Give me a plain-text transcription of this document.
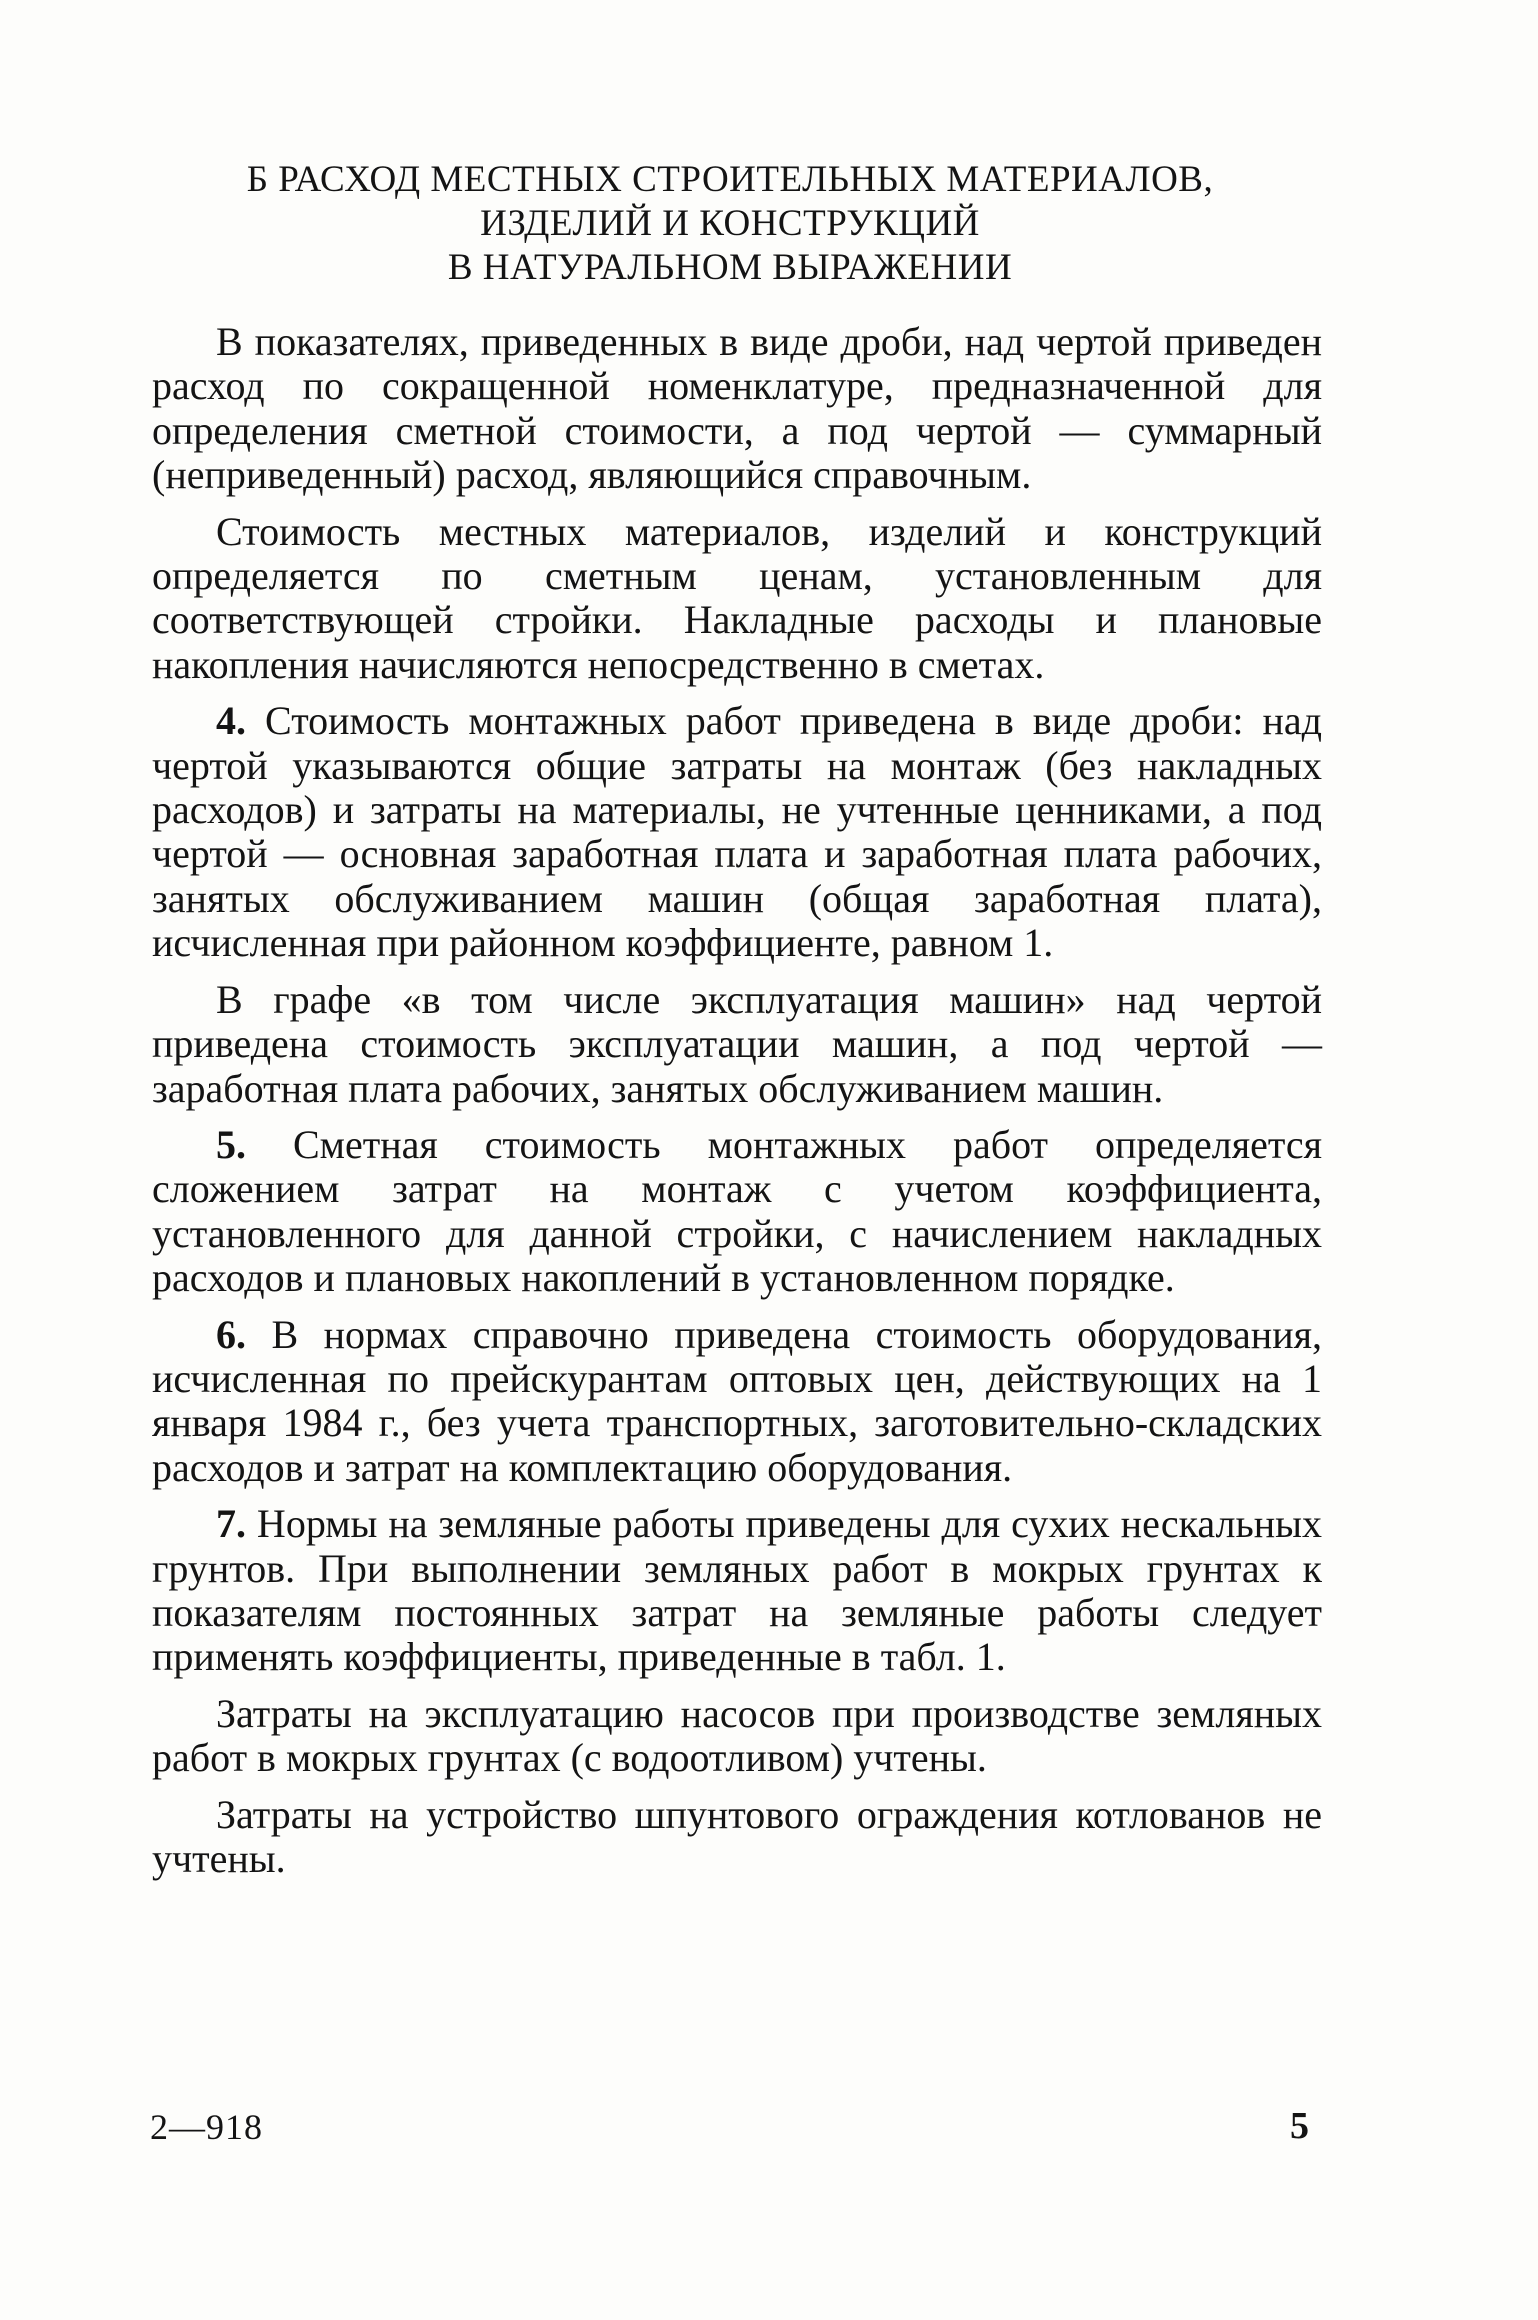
Б РАСХОД МЕСТНЫХ СТРОИТЕЛЬНЫХ МАТЕРИАЛОВ,
ИЗДЕЛИЙ И КОНСТРУКЦИЙ
В НАТУРАЛЬНОМ ВЫРАЖЕНИИ

В показателях, приведенных в виде дроби, над чертой приведен расход по сокращенной номенклатуре, предназначенной для определения сметной стоимости, а под чертой — суммарный (неприведенный) расход, являющийся справочным.

Стоимость местных материалов, изделий и конструкций определяется по сметным ценам, установленным для соответствующей стройки. Накладные расходы и плановые накопления начисляются непосредственно в сметах.

4. Стоимость монтажных работ приведена в виде дроби: над чертой указываются общие затраты на монтаж (без накладных расходов) и затраты на материалы, не учтенные ценниками, а под чертой — основная заработная плата и заработная плата рабочих, занятых обслуживанием машин (общая заработная плата), исчисленная при районном коэффициенте, равном 1.

В графе «в том числе эксплуатация машин» над чертой приведена стоимость эксплуатации машин, а под чертой — заработная плата рабочих, занятых обслуживанием машин.

5. Сметная стоимость монтажных работ определяется сложением затрат на монтаж с учетом коэффициента, установленного для данной стройки, с начислением накладных расходов и плановых накоплений в установленном порядке.

6. В нормах справочно приведена стоимость оборудования, исчисленная по прейскурантам оптовых цен, действующих на 1 января 1984 г., без учета транспортных, заготовительно-складских расходов и затрат на комплектацию оборудования.

7. Нормы на земляные работы приведены для сухих нескальных грунтов. При выполнении земляных работ в мокрых грунтах к показателям постоянных затрат на земляные работы следует применять коэффициенты, приведенные в табл. 1.

Затраты на эксплуатацию насосов при производстве земляных работ в мокрых грунтах (с водоотливом) учтены.

Затраты на устройство шпунтового ограждения котлованов не учтены.

2—918	5
